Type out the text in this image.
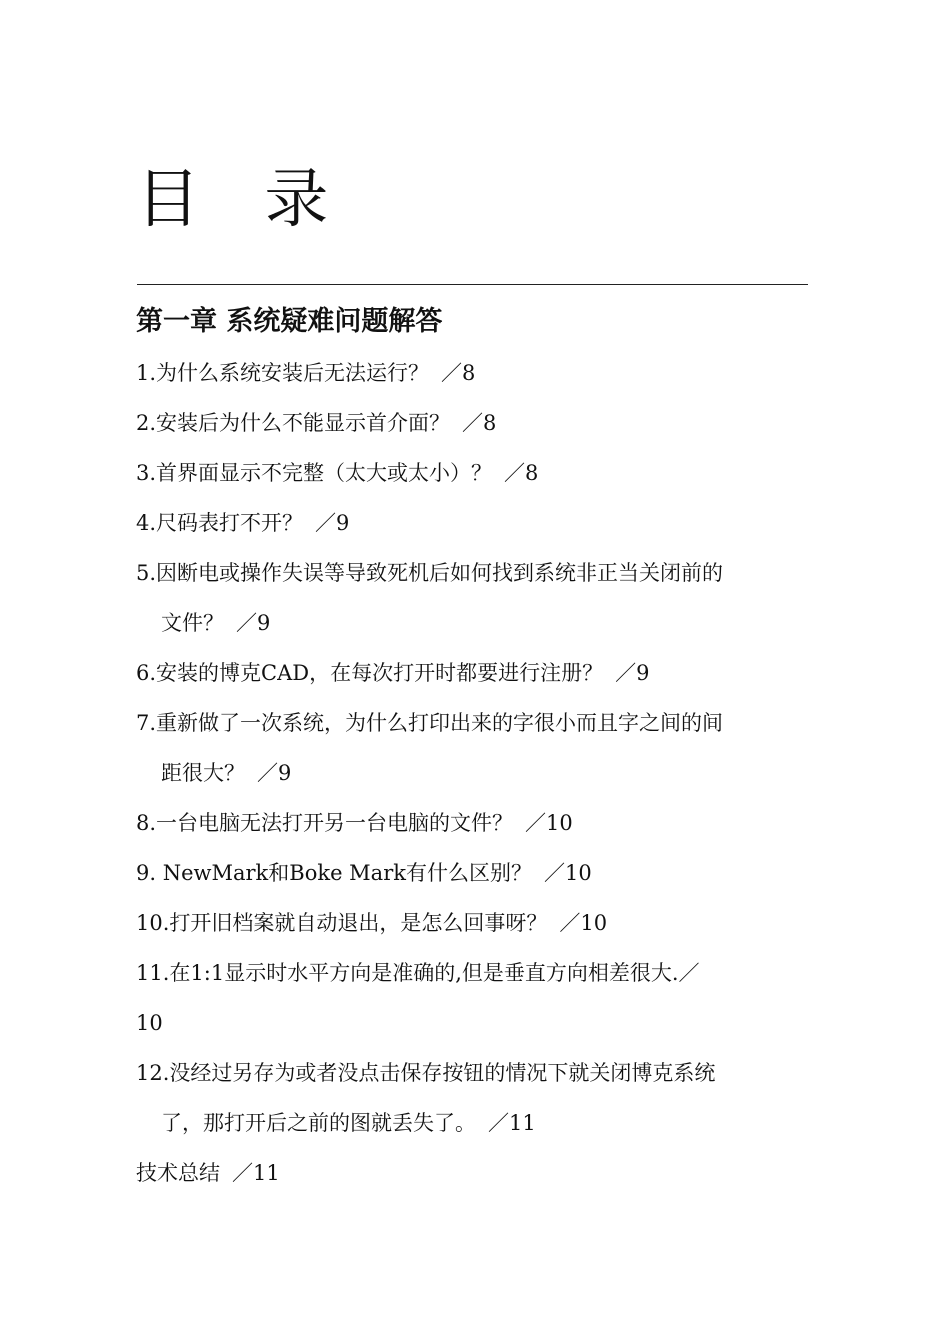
目 录
第一章 系统疑难问题解答
1.为什么系统安装后无法运行？ ／8
2.安装后为什么不能显示首介面？ ／8
3.首界面显示不完整（太大或太小）？ ／8
4.尺码表打不开？ ／9
5.因断电或操作失误等导致死机后如何找到系统非正当关闭前的
文件？ ／9
6.安装的博克CAD，在每次打开时都要进行注册？ ／9
7.重新做了一次系统，为什么打印出来的字很小而且字之间的间
距很大？ ／9
8.一台电脑无法打开另一台电脑的文件？ ／10
9. NewMark和Boke Mark有什么区别？ ／10
10.打开旧档案就自动退出，是怎么回事呀？ ／10
11.在1:1显示时水平方向是准确的,但是垂直方向相差很大.／
10
12.没经过另存为或者没点击保存按钮的情况下就关闭博克系统
了，那打开后之前的图就丢失了。 ／11
技术总结 ／11
